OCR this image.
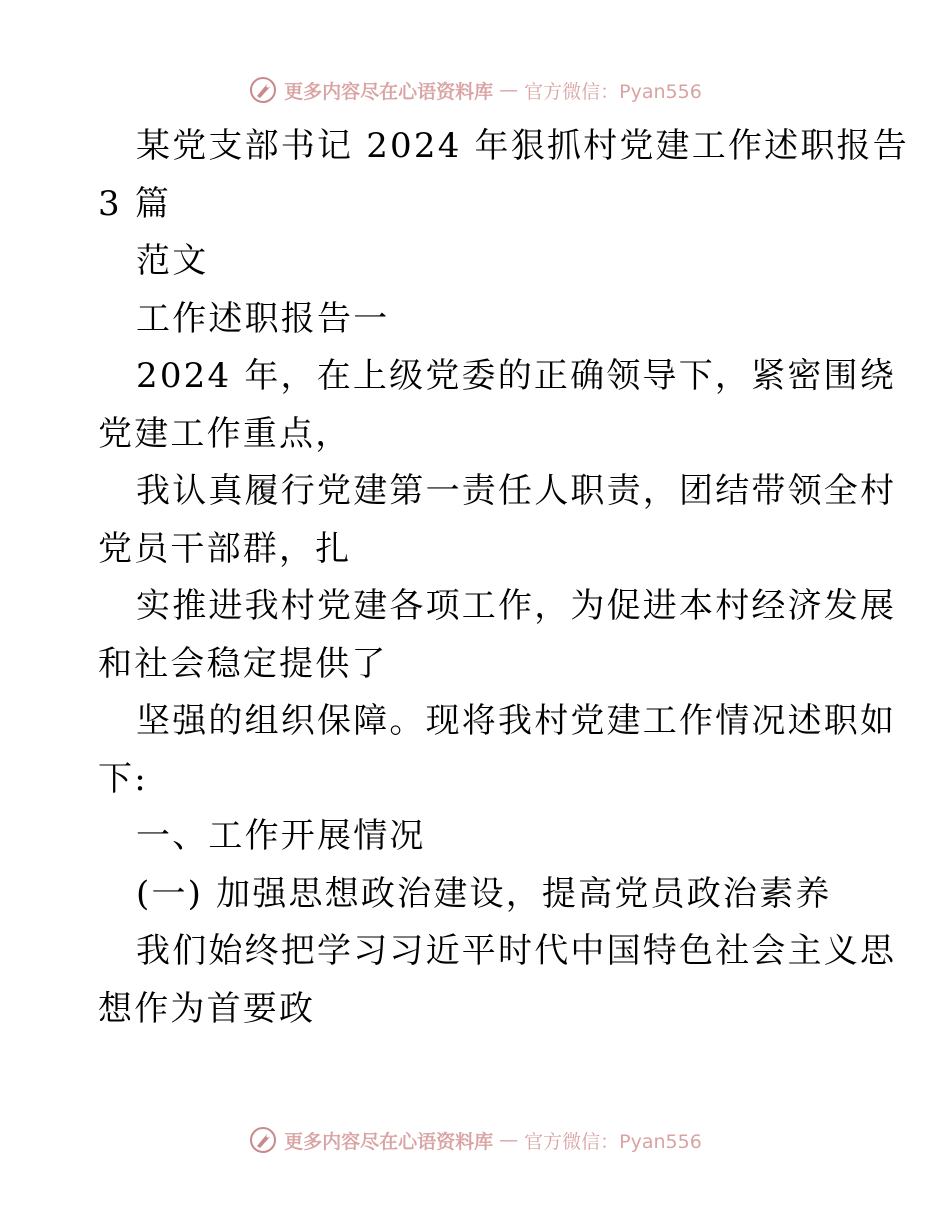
更多内容尽在心语资料库 — 官方微信：Pyan556
某党支部书记 2024 年狠抓村党建工作述职报告
3 篇
范文
工作述职报告一
2024 年，在上级党委的正确领导下，紧密围绕
党建工作重点，
我认真履行党建第一责任人职责，团结带领全村
党员干部群，扎
实推进我村党建各项工作，为促进本村经济发展
和社会稳定提供了
坚强的组织保障。现将我村党建工作情况述职如
下:
一、工作开展情况
(一) 加强思想政治建设，提高党员政治素养
我们始终把学习习近平时代中国特色社会主义思
想作为首要政
更多内容尽在心语资料库 — 官方微信：Pyan556
